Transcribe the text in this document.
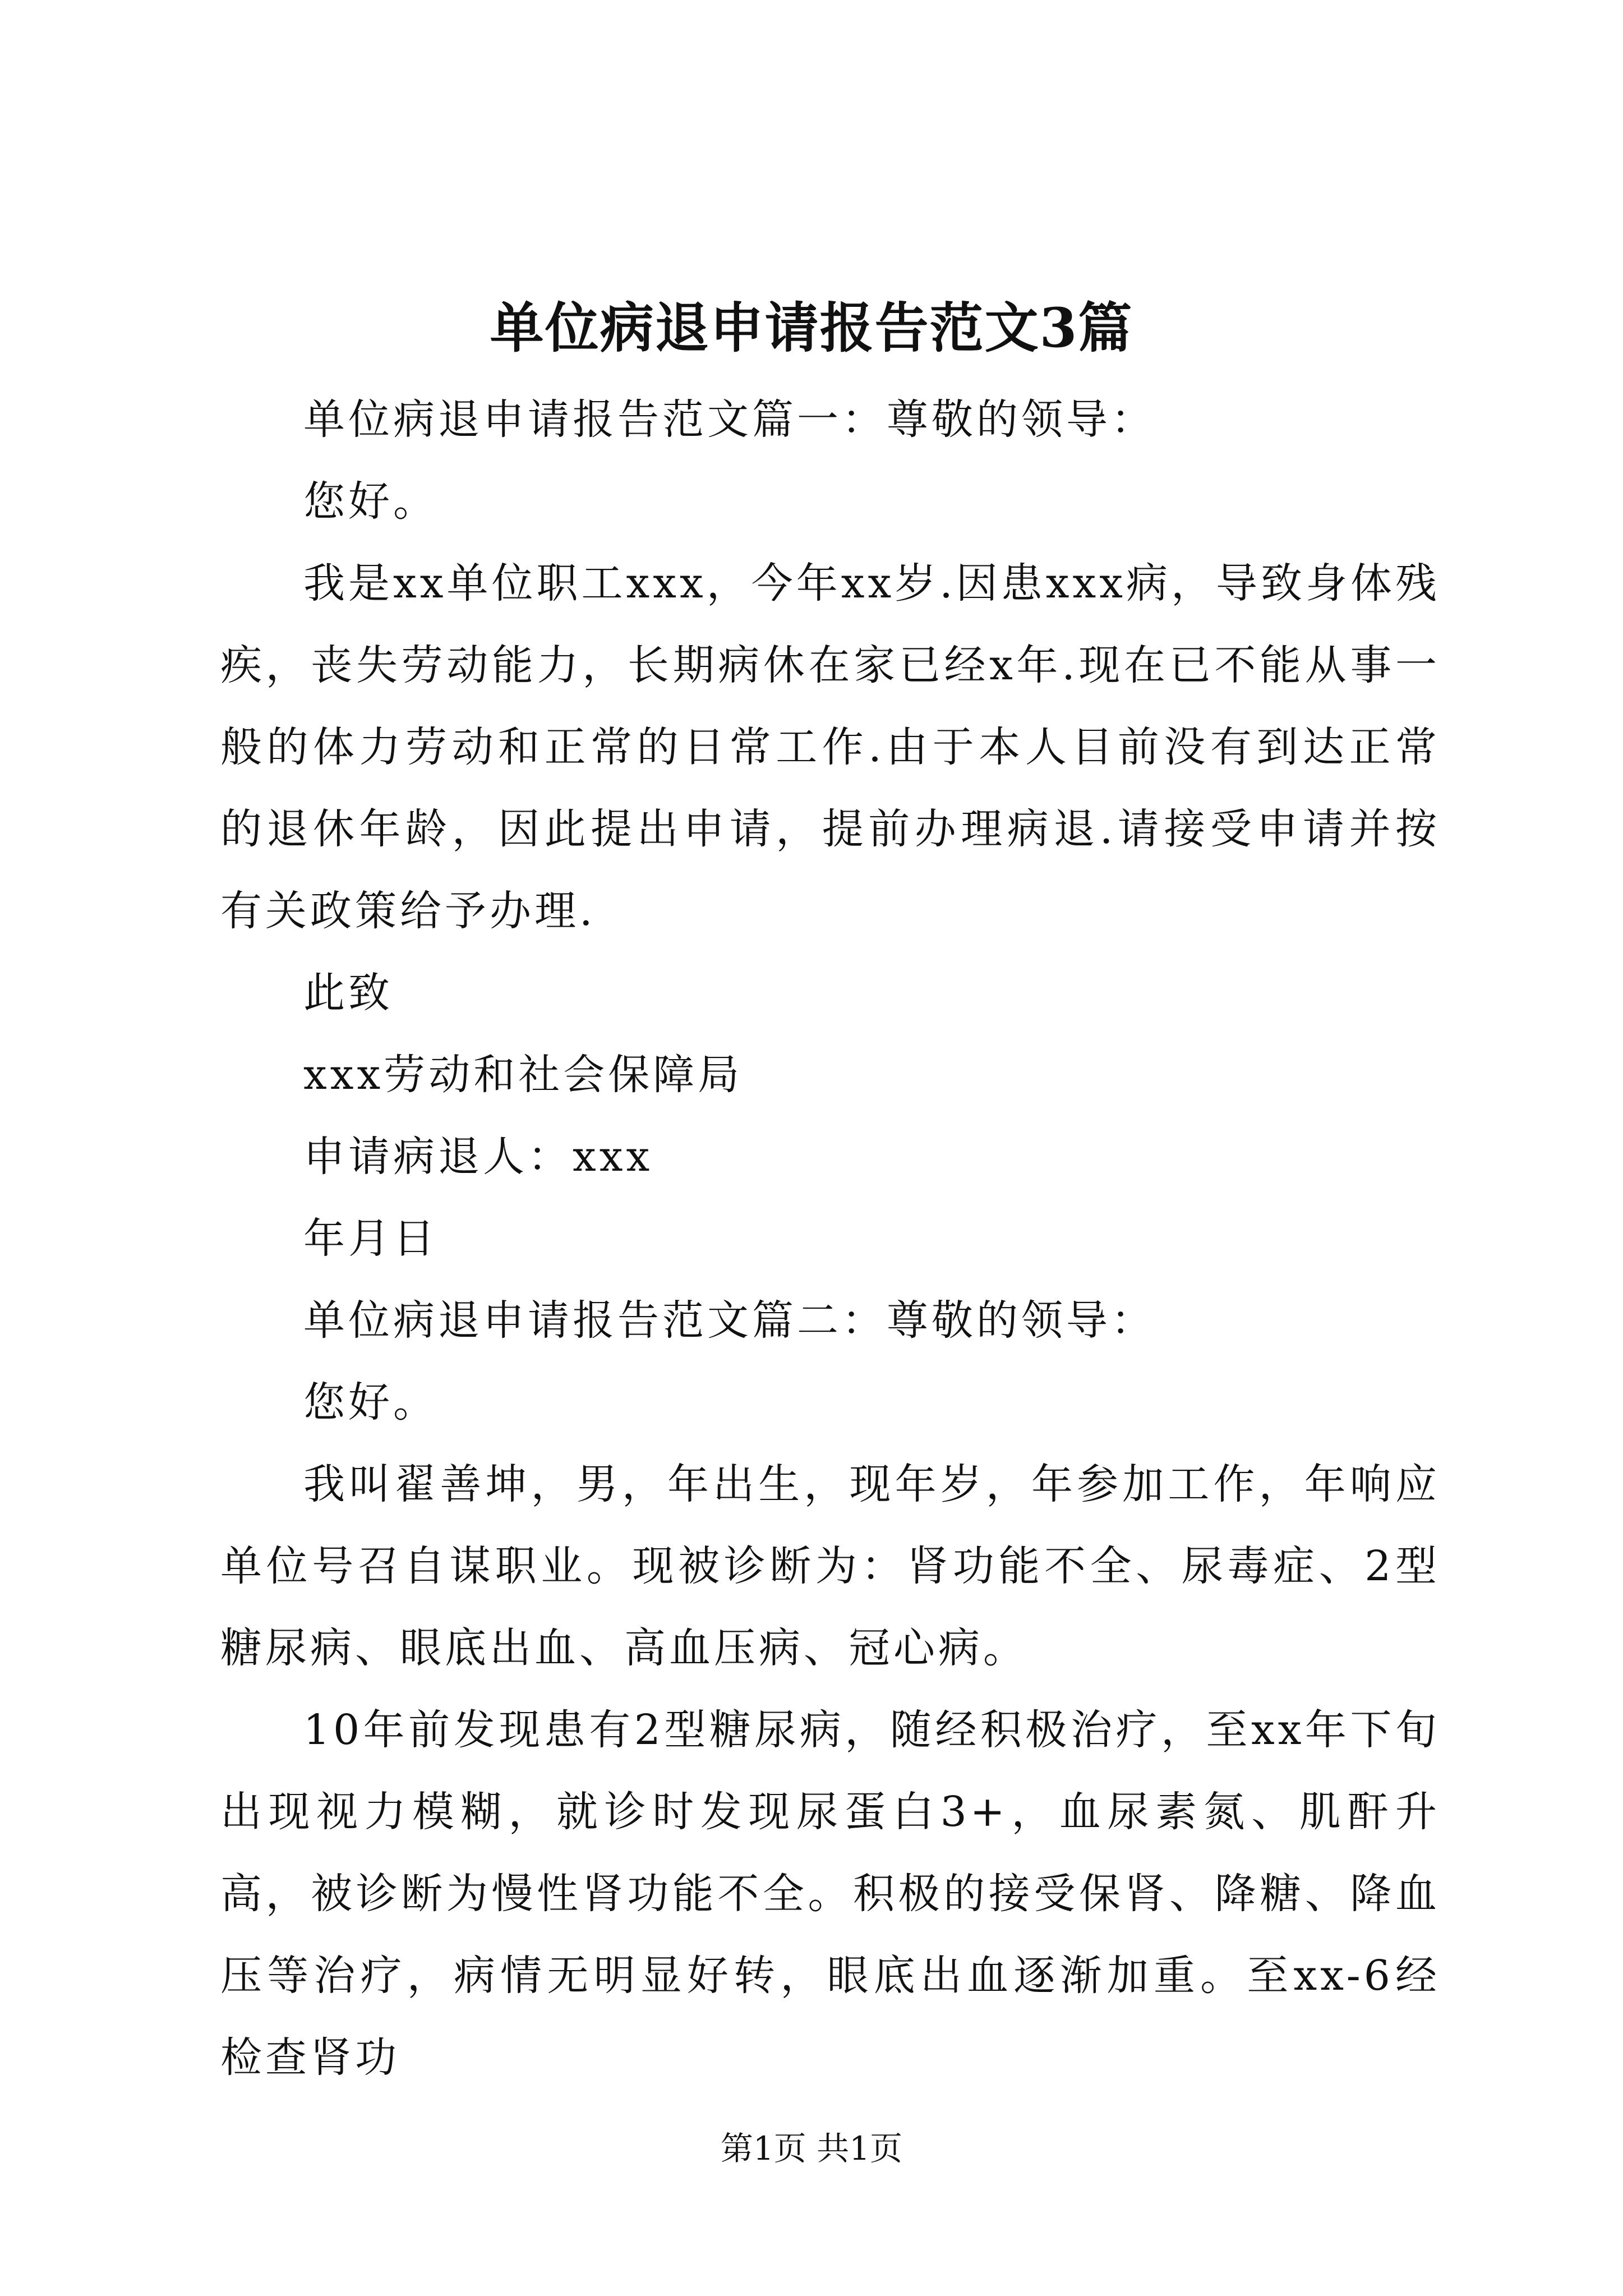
单位病退申请报告范文3篇

单位病退申请报告范文篇一：尊敬的领导：

您好。

我是xx单位职工xxx，今年xx岁.因患xxx病，导致身体残疾，丧失劳动能力，长期病休在家已经x年.现在已不能从事一般的体力劳动和正常的日常工作.由于本人目前没有到达正常的退休年龄，因此提出申请，提前办理病退.请接受申请并按有关政策给予办理.

此致

xxx劳动和社会保障局

申请病退人：xxx

年月日

单位病退申请报告范文篇二：尊敬的领导：

您好。

我叫翟善坤，男，年出生，现年岁，年参加工作，年响应单位号召自谋职业。现被诊断为：肾功能不全、尿毒症、2型糖尿病、眼底出血、高血压病、冠心病。

10年前发现患有2型糖尿病，随经积极治疗，至xx年下旬出现视力模糊，就诊时发现尿蛋白3+，血尿素氮、肌酐升高，被诊断为慢性肾功能不全。积极的接受保肾、降糖、降血压等治疗，病情无明显好转，眼底出血逐渐加重。至xx-6经检查肾功

第1页 共1页
